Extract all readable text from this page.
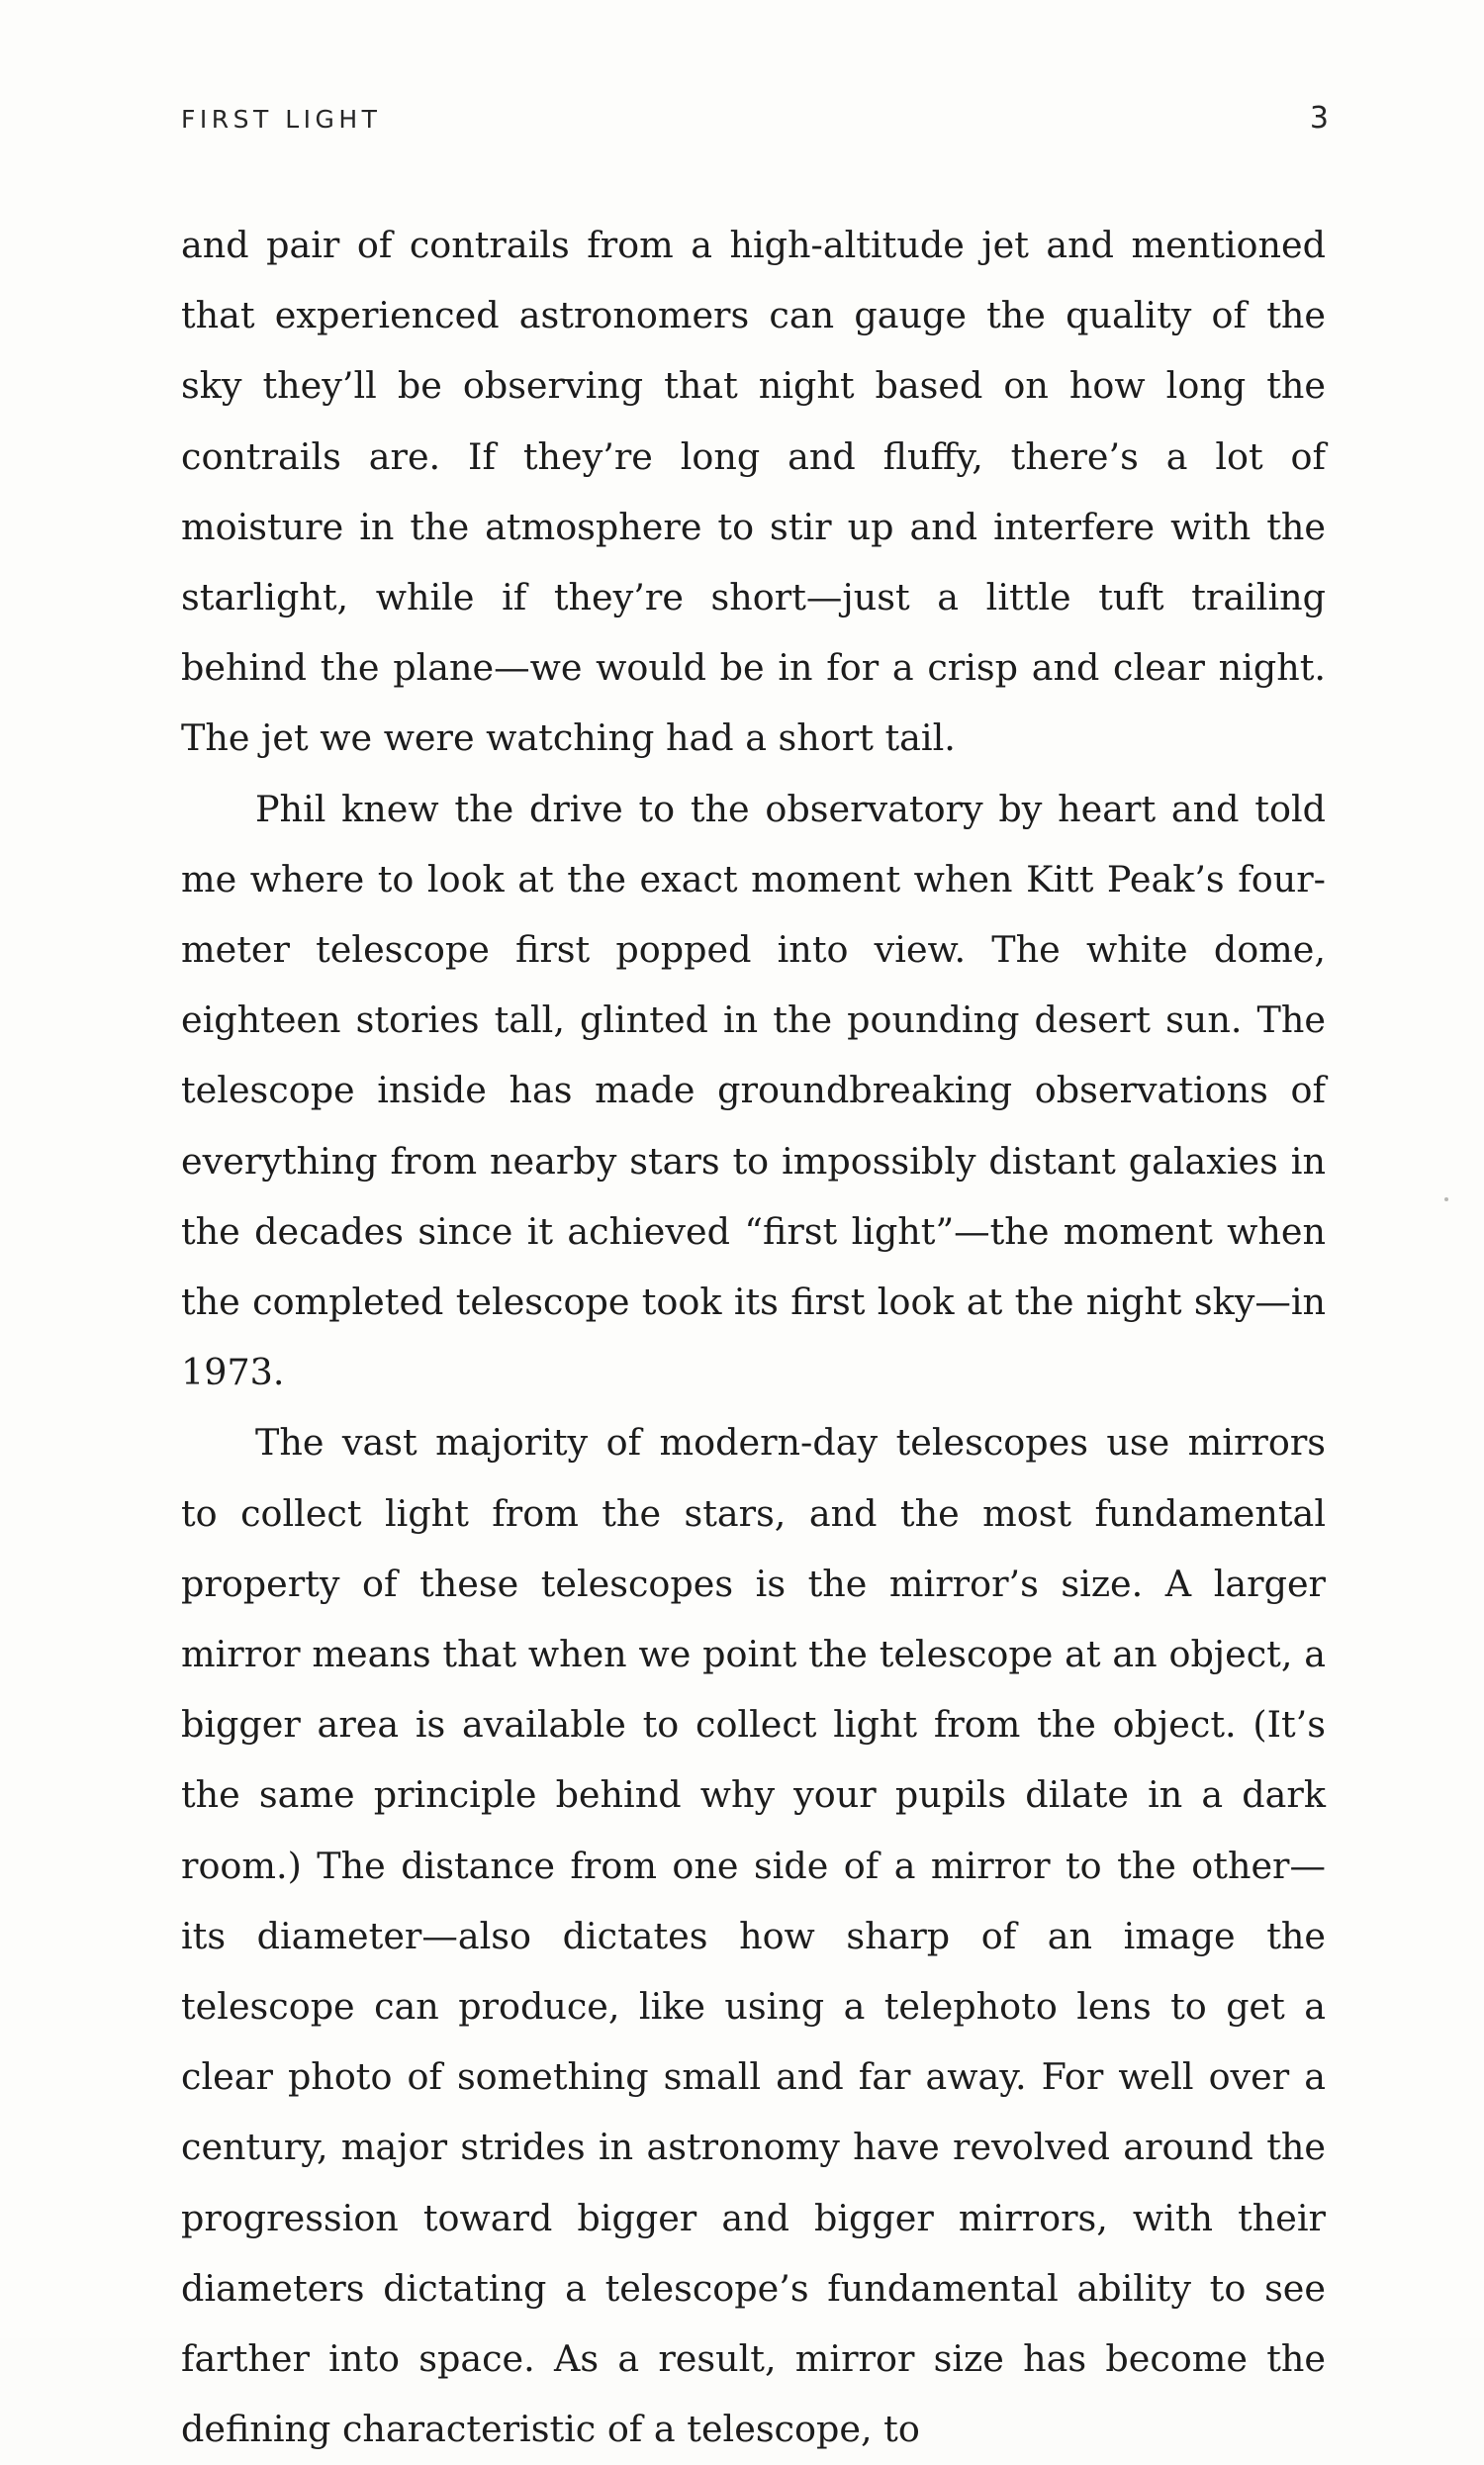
FIRST LIGHT	3

and pair of contrails from a high-altitude jet and mentioned that experienced astronomers can gauge the quality of the sky they’ll be observing that night based on how long the contrails are. If they’re long and fluffy, there’s a lot of moisture in the atmosphere to stir up and interfere with the starlight, while if they’re short—just a little tuft trailing behind the plane—we would be in for a crisp and clear night. The jet we were watching had a short tail.

Phil knew the drive to the observatory by heart and told me where to look at the exact moment when Kitt Peak’s four-meter telescope first popped into view. The white dome, eighteen stories tall, glinted in the pounding desert sun. The telescope inside has made groundbreaking observations of everything from nearby stars to impossibly distant galaxies in the decades since it achieved “first light”—the moment when the completed telescope took its first look at the night sky—in 1973.

The vast majority of modern-day telescopes use mirrors to collect light from the stars, and the most fundamental property of these telescopes is the mirror’s size. A larger mirror means that when we point the telescope at an object, a bigger area is available to collect light from the object. (It’s the same principle behind why your pupils dilate in a dark room.) The distance from one side of a mirror to the other—its diameter—also dictates how sharp of an image the telescope can produce, like using a telephoto lens to get a clear photo of something small and far away. For well over a century, major strides in astronomy have revolved around the progression toward bigger and bigger mirrors, with their diameters dictating a telescope’s fundamental ability to see farther into space. As a result, mirror size has become the defining characteristic of a telescope, to
